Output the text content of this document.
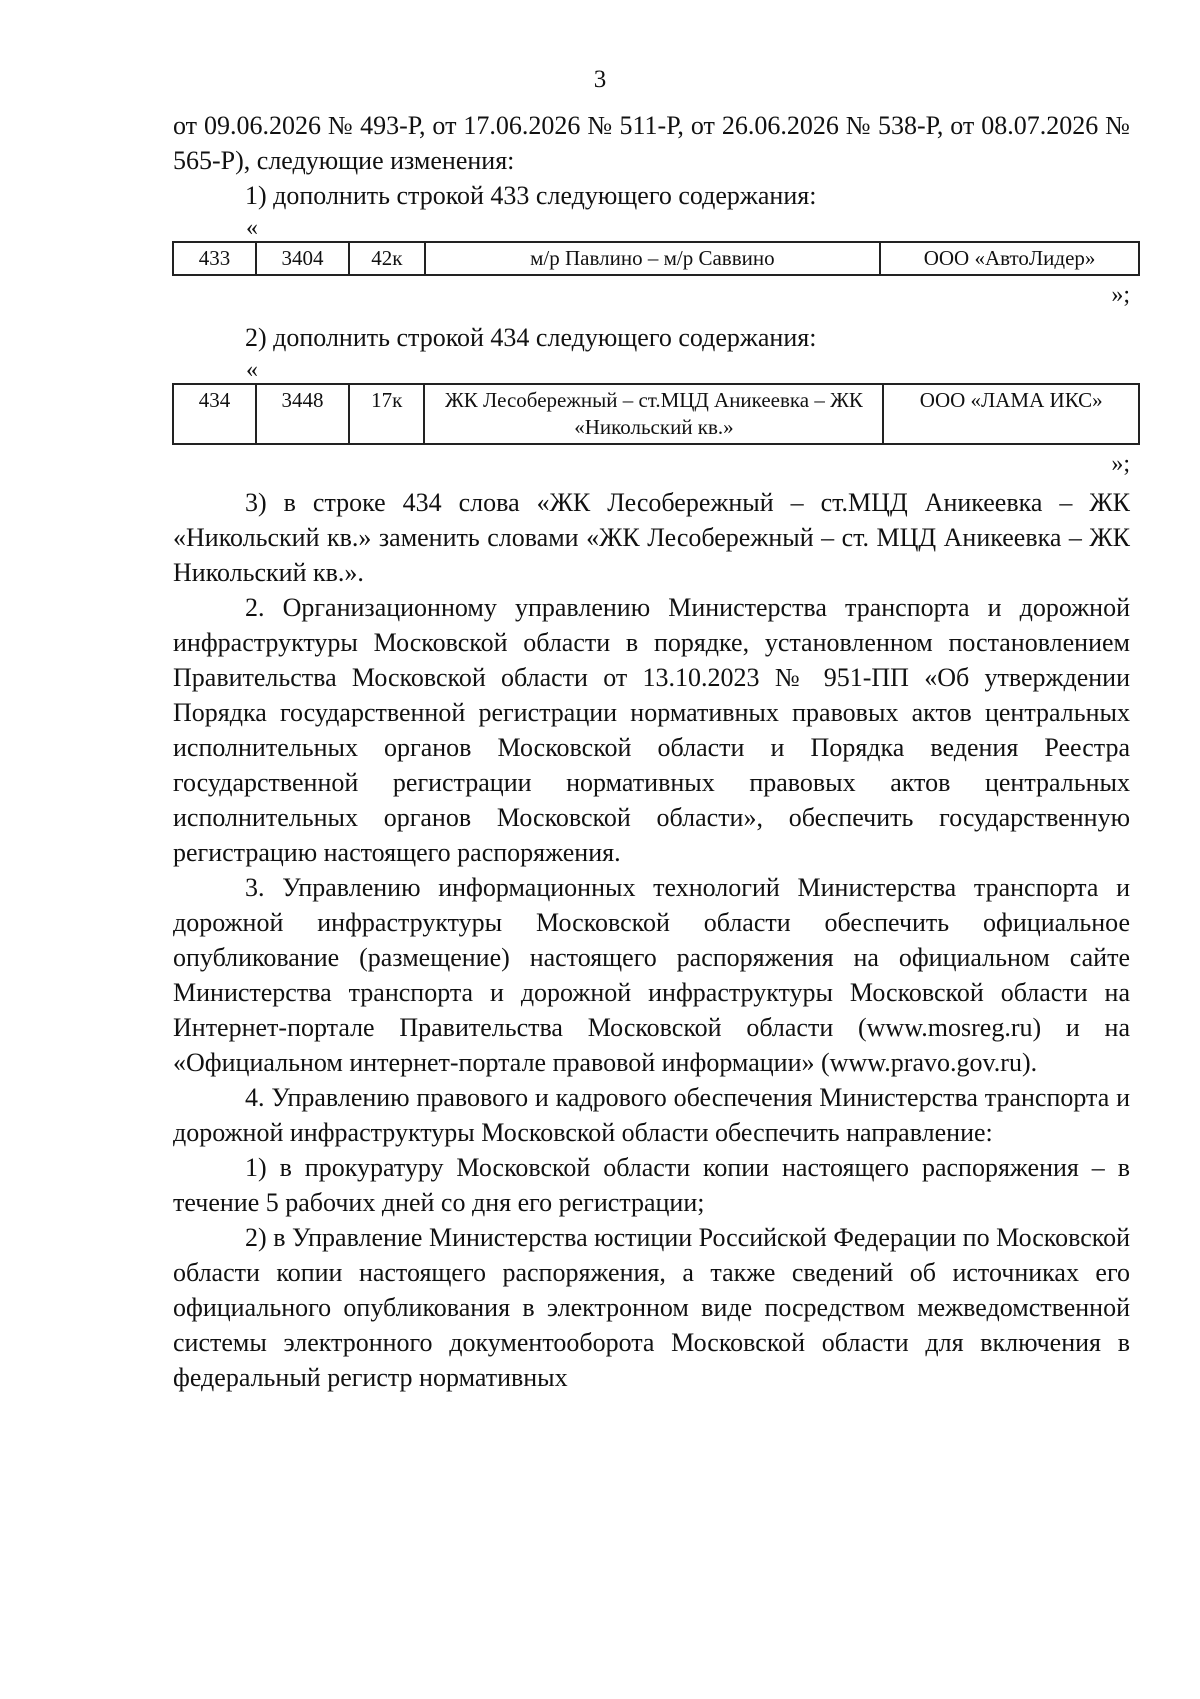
3

от 09.06.2026 № 493-Р, от 17.06.2026 № 511-Р, от 26.06.2026 № 538-Р, от 08.07.2026 № 565-Р), следующие изменения:

1) дополнить строкой 433 следующего содержания:

«
433	3404	42к	м/р Павлино – м/р Саввино	ООО «АвтоЛидер»
»;

2) дополнить строкой 434 следующего содержания:

«
434	3448	17к	ЖК Лесобережный – ст.МЦД Аникеевка – ЖК «Никольский кв.»	ООО «ЛАМА ИКС»
»;

3) в строке 434 слова «ЖК Лесобережный – ст.МЦД Аникеевка – ЖК «Никольский кв.» заменить словами «ЖК Лесобережный – ст. МЦД Аникеевка – ЖК Никольский кв.».

2. Организационному управлению Министерства транспорта и дорожной инфраструктуры Московской области в порядке, установленном постановлением Правительства Московской области от 13.10.2023 № 951-ПП «Об утверждении Порядка государственной регистрации нормативных правовых актов центральных исполнительных органов Московской области и Порядка ведения Реестра государственной регистрации нормативных правовых актов центральных исполнительных органов Московской области», обеспечить государственную регистрацию настоящего распоряжения.

3. Управлению информационных технологий Министерства транспорта и дорожной инфраструктуры Московской области обеспечить официальное опубликование (размещение) настоящего распоряжения на официальном сайте Министерства транспорта и дорожной инфраструктуры Московской области на Интернет-портале Правительства Московской области (www.mosreg.ru) и на «Официальном интернет-портале правовой информации» (www.pravo.gov.ru).

4. Управлению правового и кадрового обеспечения Министерства транспорта и дорожной инфраструктуры Московской области обеспечить направление:

1) в прокуратуру Московской области копии настоящего распоряжения – в течение 5 рабочих дней со дня его регистрации;

2) в Управление Министерства юстиции Российской Федерации по Московской области копии настоящего распоряжения, а также сведений об источниках его официального опубликования в электронном виде посредством межведомственной системы электронного документооборота Московской области для включения в федеральный регистр нормативных
